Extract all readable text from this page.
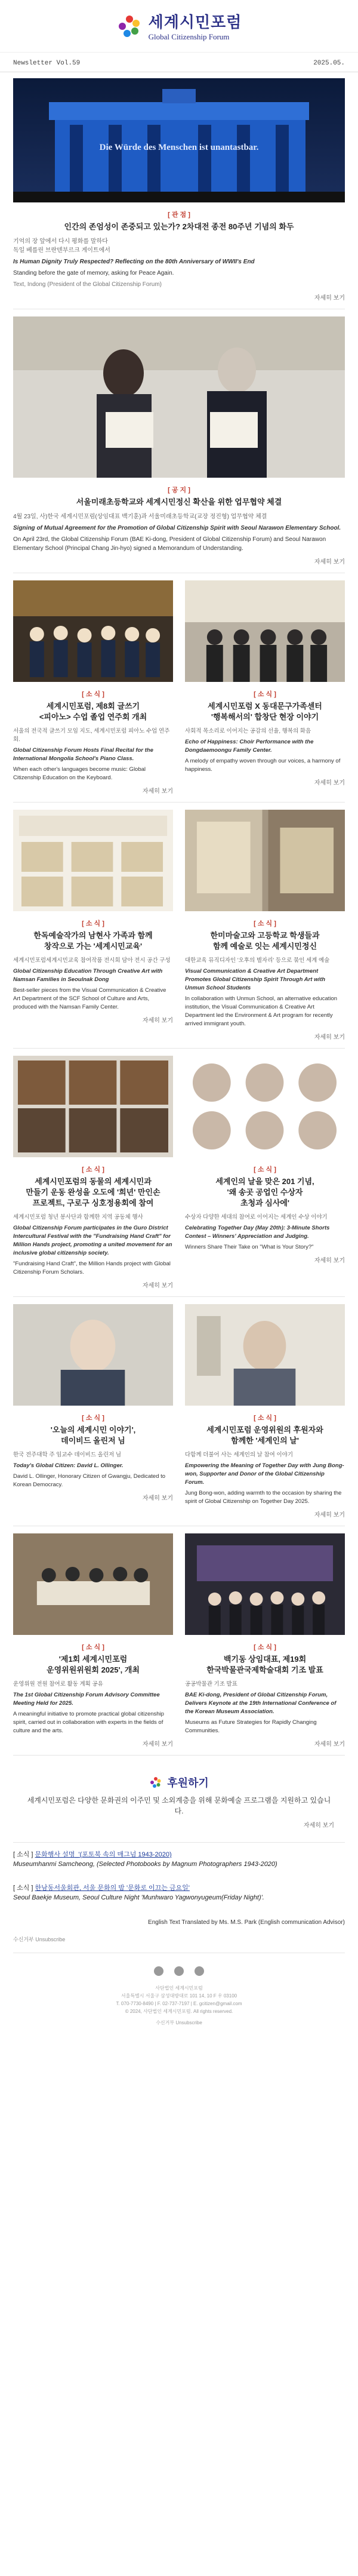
세계시민포럼
Global Citizenship Forum
Newsletter Vol.59	2025.05.
Die Würde des Menschen ist unantastbar.
[ 관 점 ]
인간의 존엄성이 존중되고 있는가? 2차대전 종전 80주년 기념의 화두
기억의 장 앞에서 다시 평화를 말하다
독일 베를린 브란덴부르크 게이트에서
Is Human Dignity Truly Respected? Reflecting on the 80th Anniversary of WWII's End
Standing before the gate of memory, asking for Peace Again.
Text, Indong (President of the Global Citizenship Forum)
자세히 보기
[ 공 지 ]
서울미래초등학교와 세계시민정신 확산을 위한 업무협약 체결
4월 23일, 사)한국 세계시민포럼(상임대표 백기훈)과 서울미래초등학교(교장 정진형) 업무협약 체결
Signing of Mutual Agreement for the Promotion of Global Citizenship Spirit with Seoul Narawon Elementary School.
On April 23rd, the Global Citizenship Forum (BAE Ki-dong, President of Global Citizenship Forum) and Seoul Narawon Elementary School (Principal Chang Jin-hyo) signed a Memorandum of Understanding.
자세히 보기
[ 소 식 ]
세계시민포럼, 제8회 글쓰기
<피아노> 수업 졸업 연주회 개최
서울의 전국적 글쓰기 모임 지도, 세계시민포럼 피아노 수업 연주회.
Global Citizenship Forum Hosts Final Recital for the International Mongolia School's Piano Class.
When each other's languages become music: Global Citizenship Education on the Keyboard.
자세히 보기
[ 소 식 ]
세계시민포럼 X 동대문구가족센터
'행복해서의' 합창단 현장 이야기
사회적 목소리로 이어지는 공감의 선율, 행복의 화음
Echo of Happiness: Choir Performance with the Dongdaemoongu Family Center.
A melody of empathy woven through our voices, a harmony of happiness.
자세히 보기
[ 소 식 ]
한독예술작가의 남현사 가족과 함께
창작으로 가는 '세계시민교육'
세계시민포럼세계시민교육 참여작품 전시회 담아 전시 공간 구성
Global Citizenship Education Through Creative Art with Namsan Families in Seoulnak Dong
Best-seller pieces from the Visual Communication & Creative Art Department of the SCF School of Culture and Arts, produced with the Namsan Family Center.
자세히 보기
[ 소 식 ]
한미마술고와 고등학교 학생들과
함께 예술로 잇는 세계시민정신
대한교육 뮤직디자인 '오후의 별자리' 등으로 묶인 세계 예술
Visual Communication & Creative Art Department Promotes Global Citizenship Spirit Through Art with Unmun School Students
In collaboration with Unmun School, an alternative education institution, the Visual Communication & Creative Art Department led the Environment & Art program for recently arrived immigrant youth.
자세히 보기
[ 소 식 ]
세계시민포럼의 동물의 세계시민과
만들기 운동 완성을 오도에 '희년' 만인손
프로젝트, 구로구 싱호정용회에 참여
세계시민포럼 청년 봉사단과 함께한 지역 공동체 행사
Global Citizenship Forum participates in the Guro District Intercultural Festival with the "Fundraising Hand Craft" for Million Hands project, promoting a united movement for an inclusive global citizenship society.
"Fundraising Hand Craft", the Million Hands project with Global Citizenship Forum Scholars.
자세히 보기
[ 소 식 ]
세계인의 날을 맞은 201 기념,
'왜 송곳 공업인 수상자
초청과 심사에'
수상자 다양한 세대의 참여로 이어지는 세계인 수상 이야기
Celebrating Together Day (May 20th): 3-Minute Shorts Contest – Winners' Appreciation and Judging.
Winners Share Their Take on "What is Your Story?"
자세히 보기
[ 소 식 ]
'오늘의 세계시민 이야기',
데이비드 올린저 님
한국 전주대학 주 임교수 데이비드 올린저 님
Today's Global Citizen: David L. Ollinger.
David L. Ollinger, Honorary Citizen of Gwangju, Dedicated to Korean Democracy.
자세히 보기
[ 소 식 ]
세계시민포럼 운영위원의 후원자와
함께한 '세계인의 날'
다함께 더불어 사는 세계인의 날 참여 이야기
Empowering the Meaning of Together Day with Jung Bong-won, Supporter and Donor of the Global Citizenship Forum.
Jung Bong-won, adding warmth to the occasion by sharing the spirit of Global Citizenship on Together Day 2025.
자세히 보기
[ 소 식 ]
'제1회 세계시민포럼
운영위원위원회 2025', 개최
운영위원 전원 참여로 활동 계획 공유
The 1st Global Citizenship Forum Advisory Committee Meeting Held for 2025.
A meaningful initiative to promote practical global citizenship spirit, carried out in collaboration with experts in the fields of culture and the arts.
자세히 보기
[ 소 식 ]
백기동 상임대표, 제19회
한국박물관국제학술대회 기조 발표
공공박물관 기조 발표
BAE Ki-dong, President of Global Citizenship Forum, Delivers Keynote at the 19th International Conference of the Korean Museum Association.
Museums as Future Strategies for Rapidly Changing Communities.
자세히 보기
후원하기
세계시민포럼은 다양한 문화권의 이주민 및 소외계층을 위해 문화예술 프로그램을 지원하고 있습니다.
자세히 보기
[ 소식 ] 문화행사 설명_'(포토북 속의 매그넘 1943-2020)
Museumhanmi Samcheong, (Selected Photobooks by Magnum Photographers 1943-2020)
[ 소식 ] 한남동서울회관, 서울 문화의 밤 '문화로 이끄는 금요일'
Seoul Baekje Museum, Seoul Culture Night 'Munhwaro Yagwonyugeum(Friday Night)'.
English Text Translated by Ms. M.S. Park (English communication Advisor)
수신거부 Unsubscribe
사단법인 세계시민포럼
서울특별시 서울구 삼성대방대로 101 14, 10 F 우 03100
T. 070-7730-8490 | F. 02-737-7197 | E. gcitizen@gmail.com
© 2024, 사단법인 세계시민포럼. All rights reserved.
수신거부 Unsubscribe
